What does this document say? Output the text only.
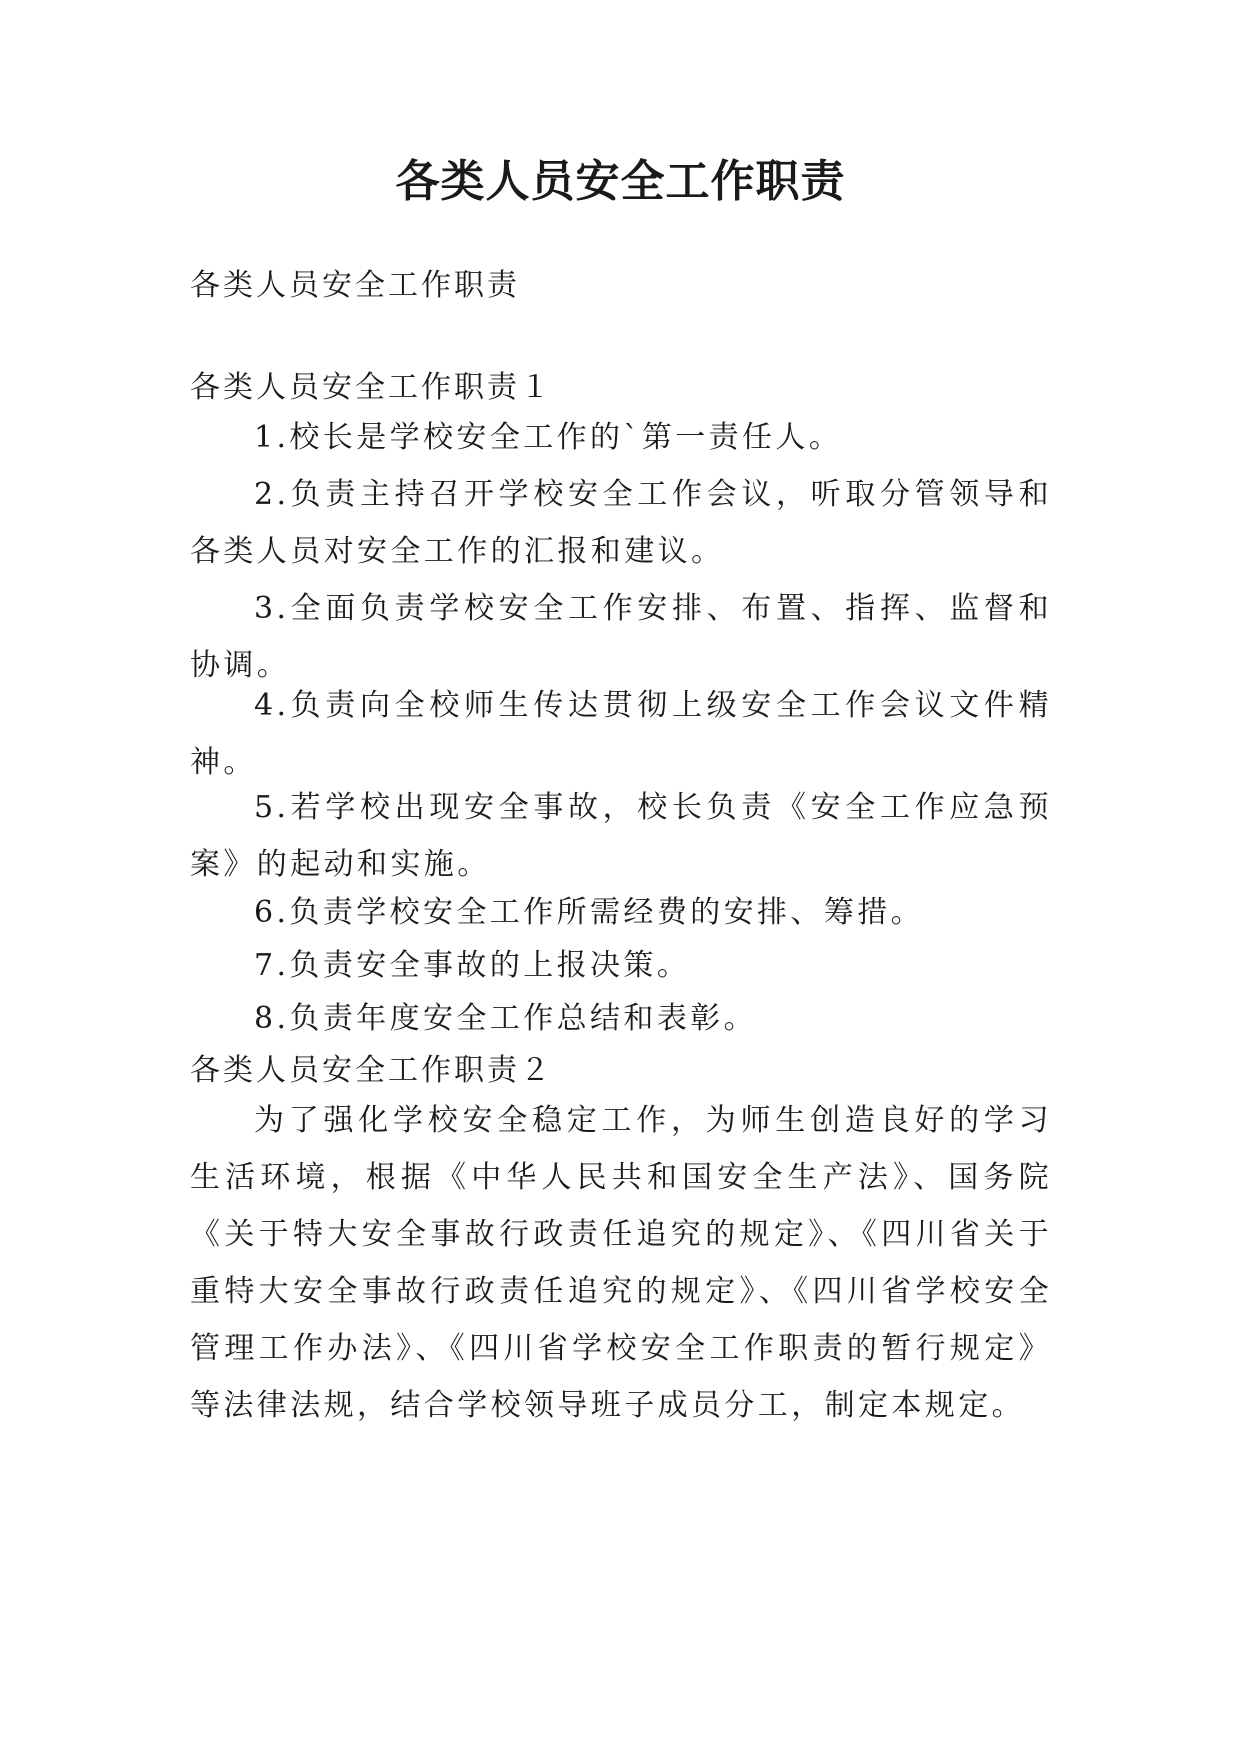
各类人员安全工作职责
各类人员安全工作职责
各类人员安全工作职责１

1.校长是学校安全工作的`第一责任人。

2.负责主持召开学校安全工作会议，听取分管领导和各类人员对安全工作的汇报和建议。

3.全面负责学校安全工作安排、布置、指挥、监督和协调。

4.负责向全校师生传达贯彻上级安全工作会议文件精神。

5.若学校出现安全事故，校长负责《安全工作应急预案》的起动和实施。

6.负责学校安全工作所需经费的安排、筹措。

7.负责安全事故的上报决策。

8.负责年度安全工作总结和表彰。

各类人员安全工作职责２

为了强化学校安全稳定工作，为师生创造良好的学习生活环境，根据《中华人民共和国安全生产法》、国务院《关于特大安全事故行政责任追究的规定》、《四川省关于重特大安全事故行政责任追究的规定》、《四川省学校安全管理工作办法》、《四川省学校安全工作职责的暂行规定》等法律法规，结合学校领导班子成员分工，制定本规定。
